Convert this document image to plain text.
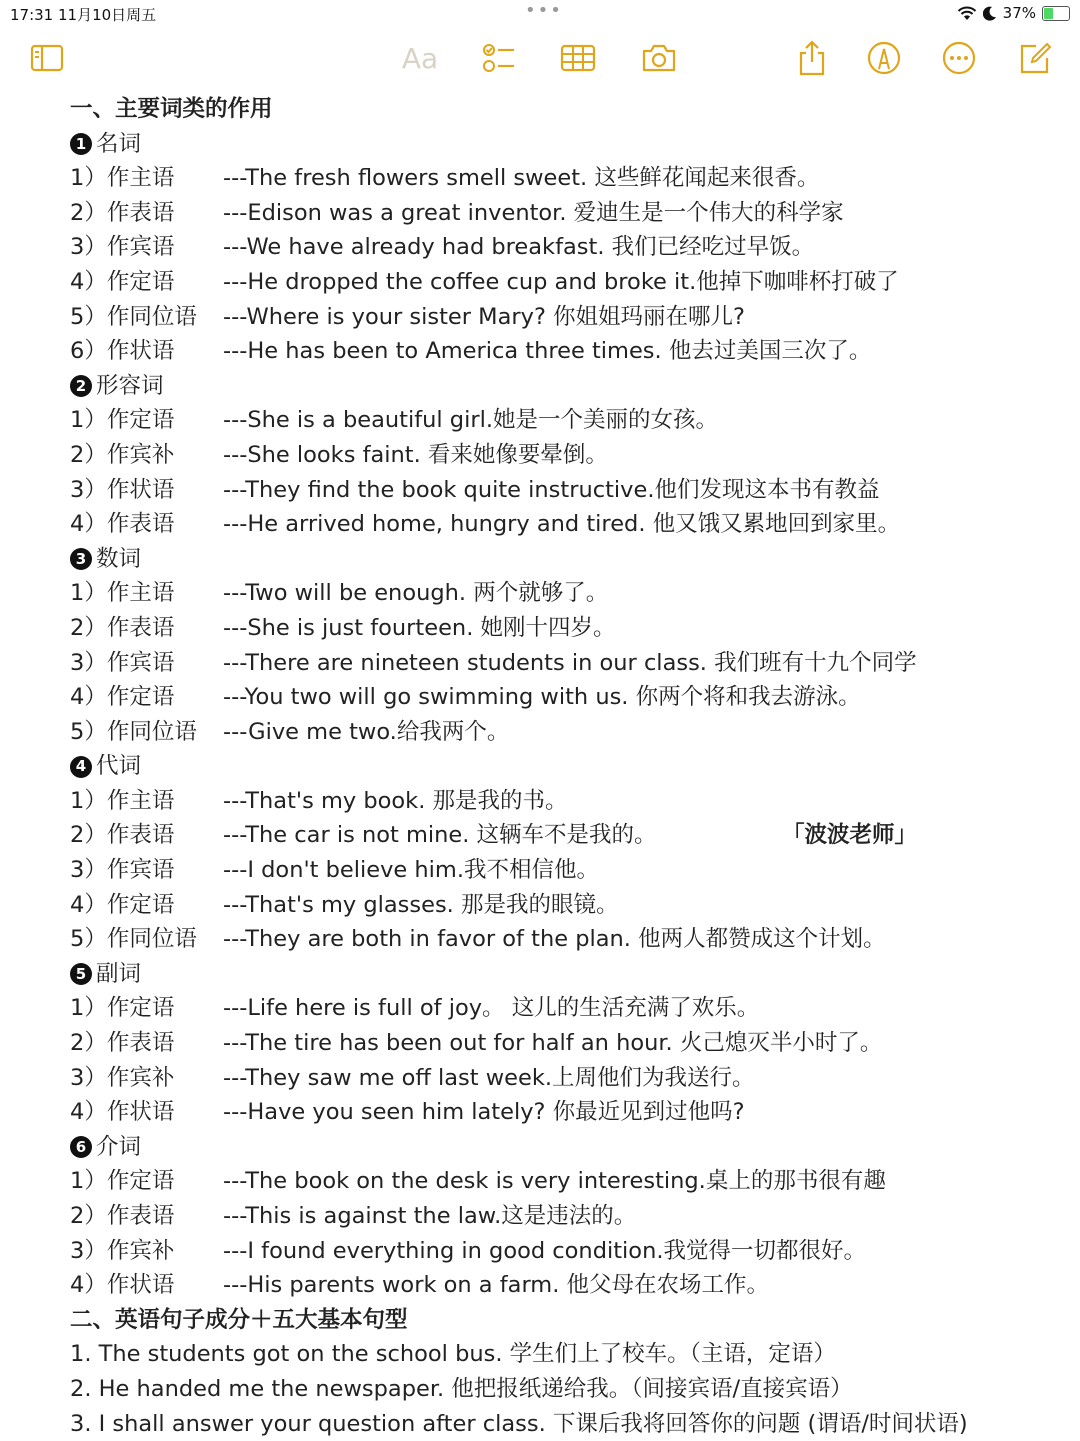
17:31 11月10日周五	•••	37%
Aa
一、主要词类的作用
1 名词
1）作主语 ---The fresh flowers smell sweet. 这些鲜花闻起来很香。
2）作表语 ---Edison was a great inventor. 爱迪生是一个伟大的科学家
3）作宾语 ---We have already had breakfast. 我们已经吃过早饭。
4）作定语 ---He dropped the coffee cup and broke it.他掉下咖啡杯打破了
5）作同位语 ---Where is your sister Mary? 你姐姐玛丽在哪儿?
6）作状语 ---He has been to America three times. 他去过美国三次了。
2 形容词
1）作定语 ---She is a beautiful girl.她是一个美丽的女孩。
2）作宾补 ---She looks faint. 看来她像要晕倒。
3）作状语 ---They find the book quite instructive.他们发现这本书有教益
4）作表语 ---He arrived home, hungry and tired. 他又饿又累地回到家里。
3 数词
1）作主语 ---Two will be enough. 两个就够了。
2）作表语 ---She is just fourteen. 她刚十四岁。
3）作宾语 ---There are nineteen students in our class. 我们班有十九个同学
4）作定语 ---You two will go swimming with us. 你两个将和我去游泳。
5）作同位语 ---Give me two.给我两个。
4 代词
1）作主语 ---That's my book. 那是我的书。
2）作表语 ---The car is not mine. 这辆车不是我的。	「波波老师」
3）作宾语 ---I don't believe him.我不相信他。
4）作定语 ---That's my glasses. 那是我的眼镜。
5）作同位语 ---They are both in favor of the plan. 他两人都赞成这个计划。
5 副词
1）作定语 ---Life here is full of joy。 这儿的生活充满了欢乐。
2）作表语 ---The tire has been out for half an hour. 火己熄灭半小时了。
3）作宾补 ---They saw me off last week.上周他们为我送行。
4）作状语 ---Have you seen him lately? 你最近见到过他吗?
6 介词
1）作定语 ---The book on the desk is very interesting.桌上的那书很有趣
2）作表语 ---This is against the law.这是违法的。
3）作宾补 ---I found everything in good condition.我觉得一切都很好。
4）作状语 ---His parents work on a farm. 他父母在农场工作。
二、英语句子成分＋五大基本句型
1. The students got on the school bus. 学生们上了校车。（主语，定语）
2. He handed me the newspaper. 他把报纸递给我。（间接宾语/直接宾语）
3. I shall answer your question after class. 下课后我将回答你的问题 (谓语/时间状语)
